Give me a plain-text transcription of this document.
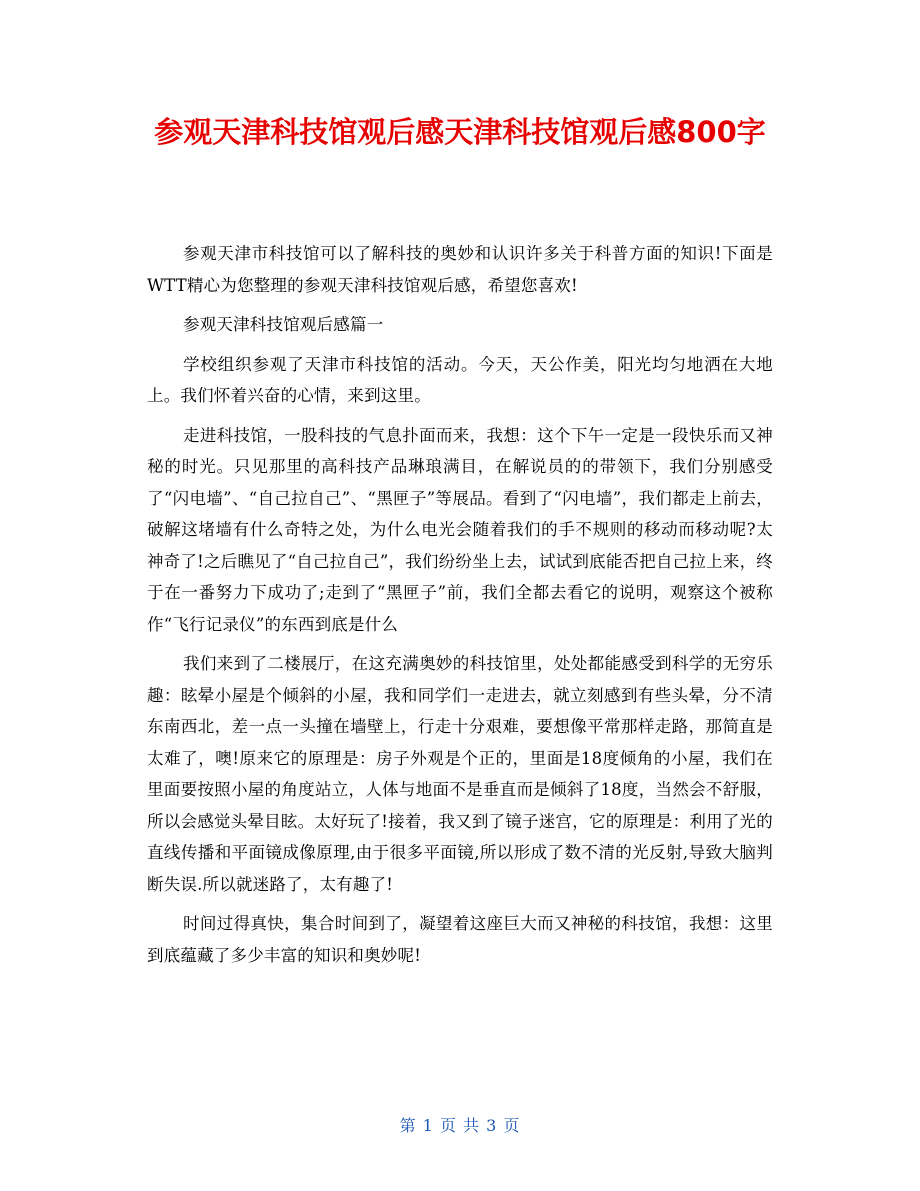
参观天津科技馆观后感天津科技馆观后感800字

参观天津市科技馆可以了解科技的奥妙和认识许多关于科普方面的知识!下面是WTT精心为您整理的参观天津科技馆观后感，希望您喜欢!

参观天津科技馆观后感篇一

学校组织参观了天津市科技馆的活动。今天，天公作美，阳光均匀地洒在大地上。我们怀着兴奋的心情，来到这里。

走进科技馆，一股科技的气息扑面而来，我想：这个下午一定是一段快乐而又神秘的时光。只见那里的高科技产品琳琅满目，在解说员的的带领下，我们分别感受了“闪电墙”、“自己拉自己”、“黑匣子”等展品。看到了“闪电墙”，我们都走上前去，破解这堵墙有什么奇特之处，为什么电光会随着我们的手不规则的移动而移动呢?太神奇了!之后瞧见了“自己拉自己”，我们纷纷坐上去，试试到底能否把自己拉上来，终于在一番努力下成功了;走到了“黑匣子”前，我们全都去看它的说明，观察这个被称作“飞行记录仪”的东西到底是什么

我们来到了二楼展厅，在这充满奥妙的科技馆里，处处都能感受到科学的无穷乐趣：眩晕小屋是个倾斜的小屋，我和同学们一走进去，就立刻感到有些头晕，分不清东南西北，差一点一头撞在墙壁上，行走十分艰难，要想像平常那样走路，那简直是太难了，噢!原来它的原理是：房子外观是个正的，里面是18度倾角的小屋，我们在里面要按照小屋的角度站立，人体与地面不是垂直而是倾斜了18度，当然会不舒服，所以会感觉头晕目眩。太好玩了!接着，我又到了镜子迷宫，它的原理是：利用了光的直线传播和平面镜成像原理,由于很多平面镜,所以形成了数不清的光反射,导致大脑判断失误.所以就迷路了，太有趣了!

时间过得真快，集合时间到了，凝望着这座巨大而又神秘的科技馆，我想：这里到底蕴藏了多少丰富的知识和奥妙呢!

第 1 页 共 3 页
